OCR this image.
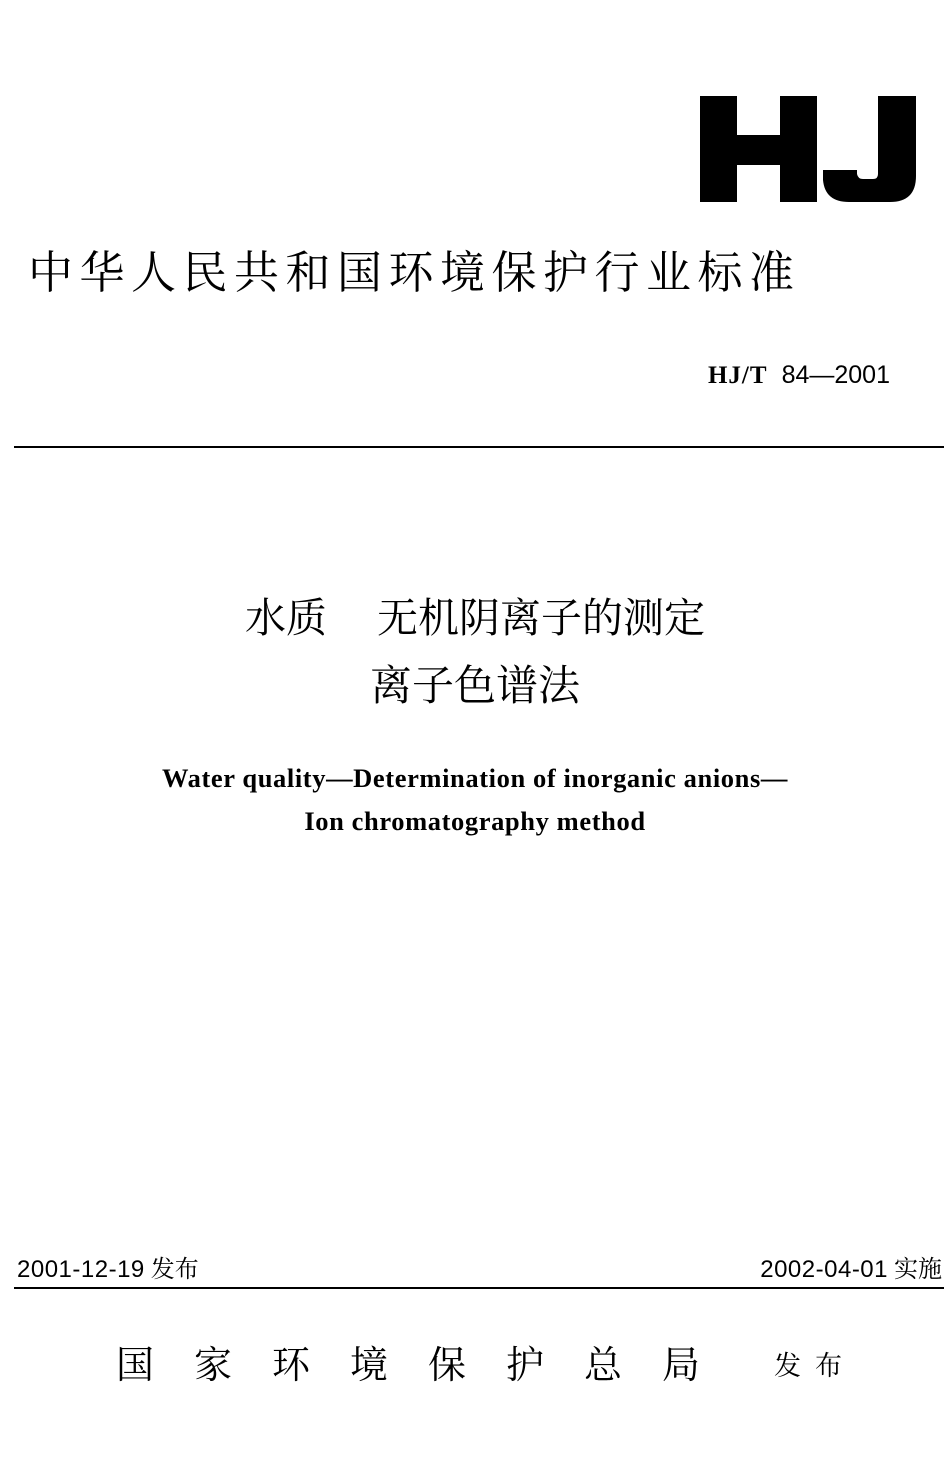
中华人民共和国环境保护行业标准
HJ/T 84—2001
水质 无机阴离子的测定
离子色谱法
Water quality—Determination of inorganic anions—
Ion chromatography method
2001-12-19 发布	2002-04-01 实施
国家环境保护总局 发布
